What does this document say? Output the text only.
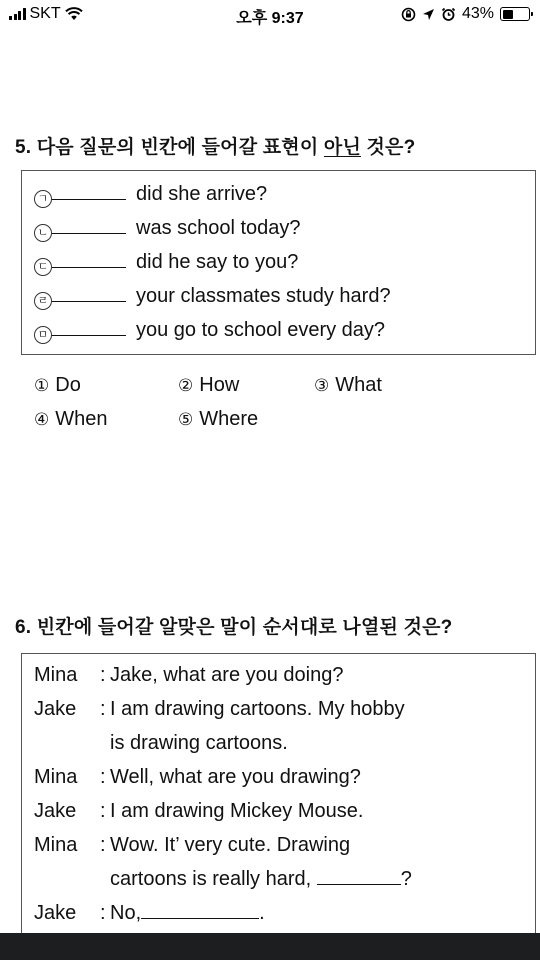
SKT	오후 9:37	43%
5. 다음 질문의 빈칸에 들어갈 표현이 아닌 것은?
ㄱ	did she arrive?
ㄴ	was school today?
ㄷ	did he say to you?
ㄹ	your classmates study hard?
ㅁ	you go to school every day?
① Do	② How	③ What
④ When	⑤ Where
6. 빈칸에 들어갈 알맞은 말이 순서대로 나열된 것은?
Mina : Jake, what are you doing?
Jake : I am drawing cartoons. My hobby
is drawing cartoons.
Mina : Well, what are you drawing?
Jake : I am drawing Mickey Mouse.
Mina : Wow. It’ very cute. Drawing
cartoons is really hard,	?
Jake : No,	.
